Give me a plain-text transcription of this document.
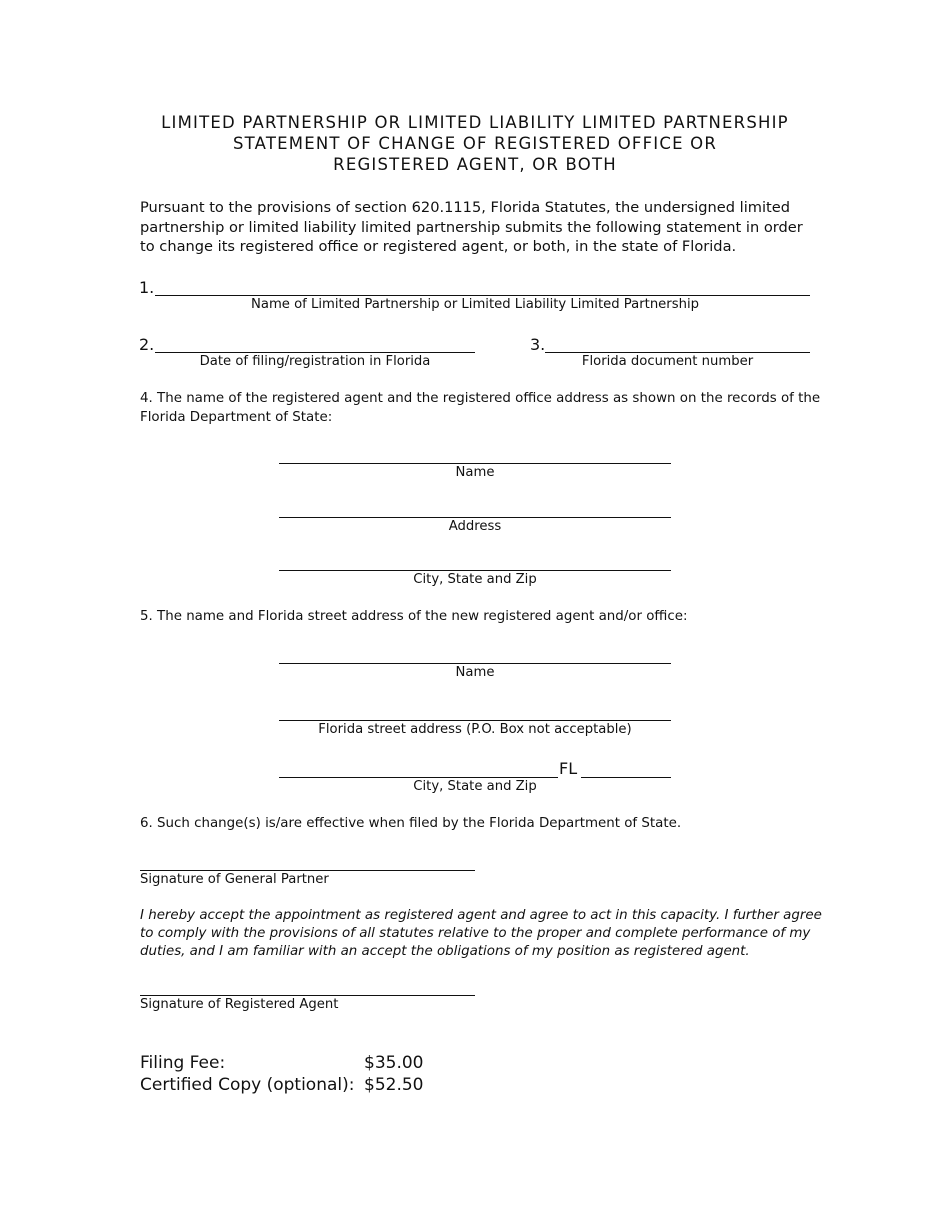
LIMITED PARTNERSHIP OR LIMITED LIABILITY LIMITED PARTNERSHIP
STATEMENT OF CHANGE OF REGISTERED OFFICE OR
REGISTERED AGENT, OR BOTH
Pursuant to the provisions of section 620.1115, Florida Statutes, the undersigned limited partnership or limited liability limited partnership submits the following statement in order to change its registered office or registered agent, or both, in the state of Florida.
1.
Name of Limited Partnership or Limited Liability Limited Partnership
2.
Date of filing/registration in Florida
3.
Florida document number
4. The name of the registered agent and the registered office address as shown on the records of the Florida Department of State:
Name
Address
City, State and Zip
5. The name and Florida street address of the new registered agent and/or office:
Name
Florida street address (P.O. Box not acceptable)
FL
City, State and Zip
6. Such change(s) is/are effective when filed by the Florida Department of State.
Signature of General Partner
I hereby accept the appointment as registered agent and agree to act in this capacity. I further agree to comply with the provisions of all statutes relative to the proper and complete performance of my duties, and I am familiar with an accept the obligations of my position as registered agent.
Signature of Registered Agent
Filing Fee:	$35.00
Certified Copy (optional): $52.50
